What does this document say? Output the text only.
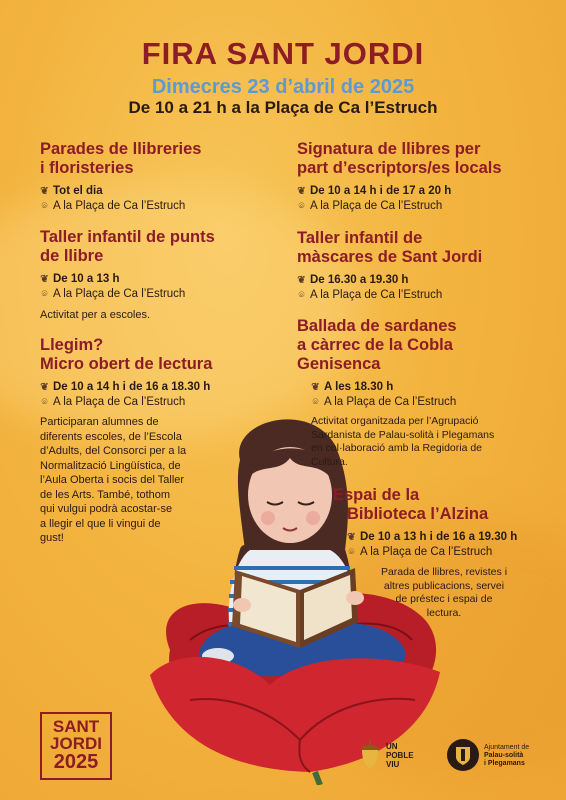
FIRA SANT JORDI
Dimecres 23 d’abril de 2025
De 10 a 21 h a la Plaça de Ca l’Estruch
Parades de llibreries
i floristeries
❦ Tot el dia
⌾ A la Plaça de Ca l’Estruch
Taller infantil de punts
de llibre
❦ De 10 a 13 h
⌾ A la Plaça de Ca l’Estruch
Activitat per a escoles.
Llegim?
Micro obert de lectura
❦ De 10 a 14 h i de 16 a 18.30 h
⌾ A la Plaça de Ca l’Estruch
Participaran alumnes de
diferents escoles, de l’Escola
d’Adults, del Consorci per a la
Normalització Lingüística, de
l’Aula Oberta i socis del Taller
de les Arts. També, tothom
qui vulgui podrà acostar-se
a llegir el que li vingui de
gust!
Signatura de llibres per
part d’escriptors/es locals
❦ De 10 a 14 h i de 17 a 20 h
⌾ A la Plaça de Ca l’Estruch
Taller infantil de
màscares de Sant Jordi
❦ De 16.30 a 19.30 h
⌾ A la Plaça de Ca l’Estruch
Ballada de sardanes
a càrrec de la Cobla
Genisenca
❦ A les 18.30 h
⌾ A la Plaça de Ca l’Estruch
Activitat organitzada per l’Agrupació
Sardanista de Palau-solità i Plegamans
en col·laboració amb la Regidoria de
Cultura.
Espai de la
Biblioteca l’Alzina
❦ De 10 a 13 h i de 16 a 19.30 h
⌾ A la Plaça de Ca l’Estruch
Parada de llibres, revistes i
altres publicacions, servei
de préstec i espai de
lectura.
SANT
JORDI
2025
UN
POBLE
VIU
Ajuntament de
Palau-solità
i Plegamans
